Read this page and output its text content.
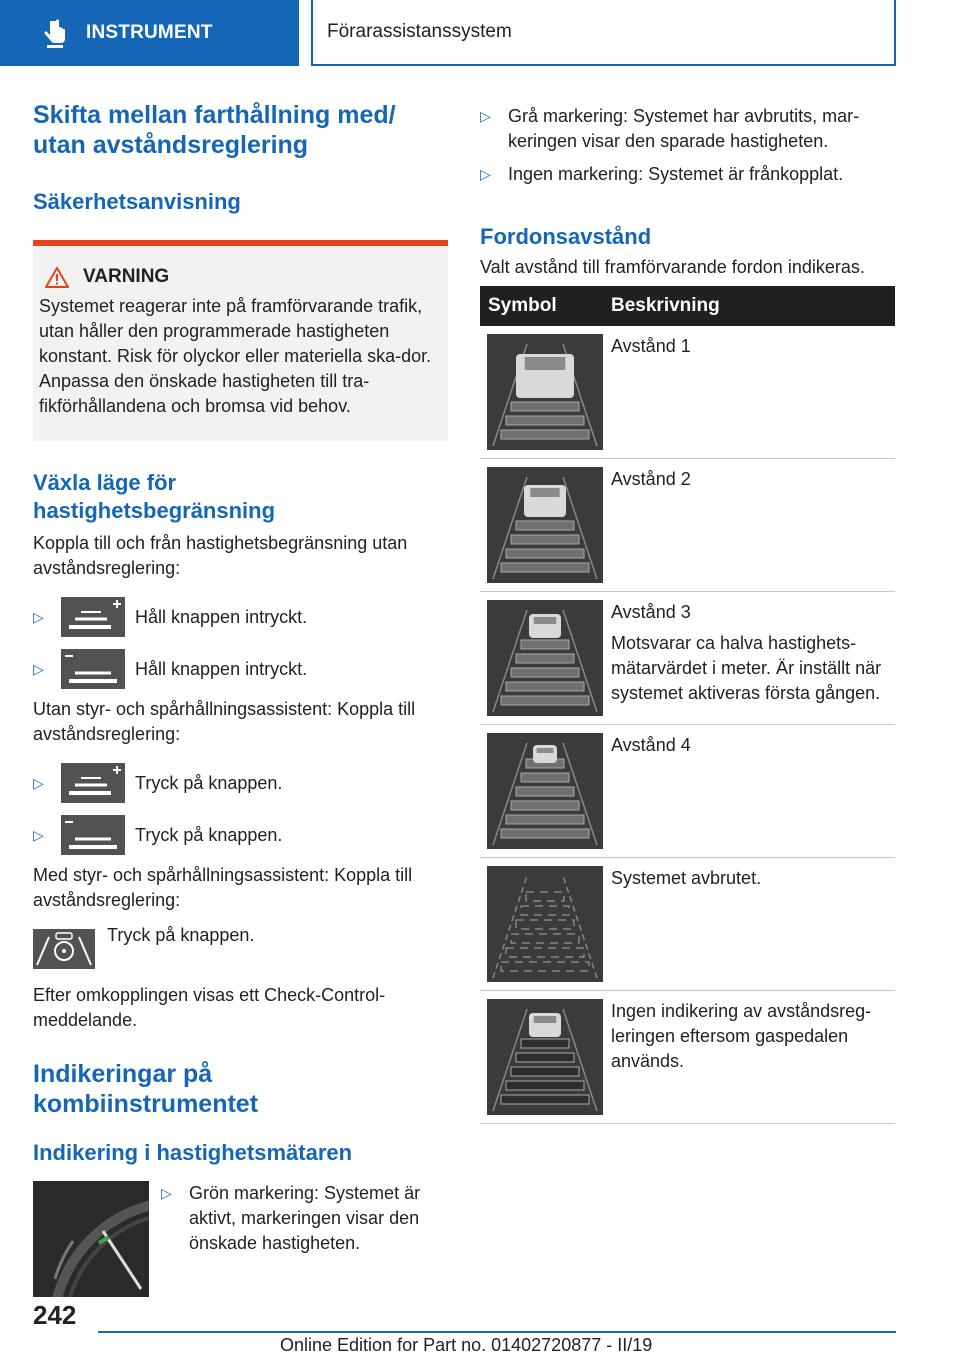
INSTRUMENT	Förarassistanssystem
Skifta mellan farthållning med/
utan avståndsreglering
Säkerhetsanvisning
VARNING
Systemet reagerar inte på framförvarande trafik, utan håller den programmerade hastigheten konstant. Risk för olyckor eller materiella ska-dor. Anpassa den önskade hastigheten till tra-fikförhållandena och bromsa vid behov.
Växla läge för hastighetsbegränsning
Koppla till och från hastighetsbegränsning utan avståndsreglering:
▷	Håll knappen intryckt.
▷	Håll knappen intryckt.
Utan styr- och spårhållningsassistent: Koppla till avståndsreglering:
▷	Tryck på knappen.
▷	Tryck på knappen.
Med styr- och spårhållningsassistent: Koppla till avståndsreglering:
Tryck på knappen.
Efter omkopplingen visas ett Check-Control-meddelande.
Indikeringar på kombiinstrumentet
Indikering i hastighetsmätaren
▷ Grön markering: Systemet är aktivt, markeringen visar den önskade hastigheten.
▷ Grå markering: Systemet har avbrutits, mar-keringen visar den sparade hastigheten.
▷ Ingen markering: Systemet är frånkopplat.
Fordonsavstånd
Valt avstånd till framförvarande fordon indikeras.
Symbol	Beskrivning
Avstånd 1
Avstånd 2
Avstånd 3
Motsvarar ca halva hastighets-mätarvärdet i meter. Är inställt när systemet aktiveras första gången.
Avstånd 4
Systemet avbrutet.
Ingen indikering av avståndsreg-leringen eftersom gaspedalen används.
242
Online Edition for Part no. 01402720877 - II/19
